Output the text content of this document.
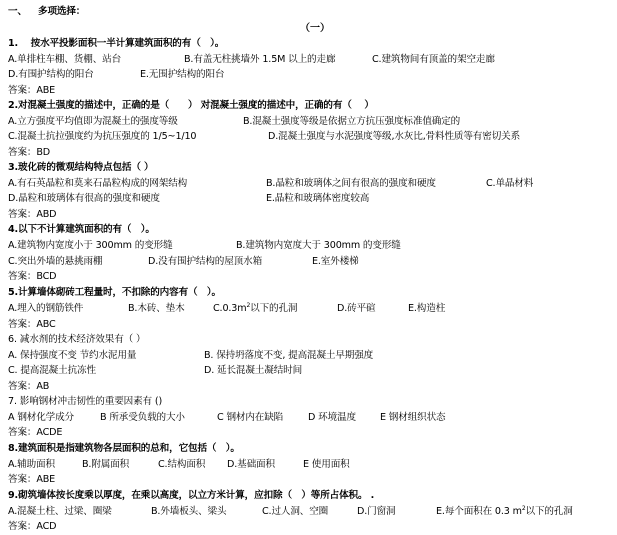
一、 多项选择：
（一）
1.　 按水平投影面积一半计算建筑面积的有（　）。
A.单排柱车棚、货棚、站台	B.有盖无柱挑墙外 1.5M 以上的走廊	C.建筑物间有顶盖的架空走廊
D.有围护结构的阳台	E.无围护结构的阳台
答案：ABE
2.对混凝土强度的描述中，正确的是（　　） 对混凝土强度的描述中，正确的有（　 ）
A.立方强度平均值即为混凝土的强度等级	B.混凝土强度等级是依据立方抗压强度标准值确定的
C.混凝土抗拉强度约为抗压强度的 1/5~1/10	D.混凝土强度与水泥强度等级,水灰比,骨料性质等有密切关系
答案：BD
3.玻化砖的微观结构特点包括（ ）
A.有石英晶粒和莫来石晶粒构成的网架结构	B.晶粒和玻璃体之间有很高的强度和硬度	C.单晶材料
D.晶粒和玻璃体有很高的强度和硬度	E.晶粒和玻璃体密度较高
答案：ABD
4.以下不计算建筑面积的有（　）。
A.建筑物内宽度小于 300mm 的变形缝	B.建筑物内宽度大于 300mm 的变形缝
C.突出外墙的悬挑雨棚	D.没有围护结构的屋顶水箱	E.室外楼梯
答案：BCD
5.计算墙体砌砖工程量时，不扣除的内容有（　）。
A.埋入的钢筋铁件	B.木砖、垫木	$C.0.3m^2$以下的孔洞	D.砖平碹	E.构造柱
答案：ABC
6. 减水剂的技术经济效果有（ ）
A. 保持强度不变 节约水泥用量	B. 保持坍落度不变, 提高混凝土早期强度
C. 提高混凝土抗冻性	D. 延长混凝土凝结时间
答案：AB
7. 影响钢材冲击韧性的重要因素有 ()
A 钢材化学成分	B 所承受负载的大小	C 钢材内在缺陷	D 环境温度	E 钢材组织状态
答案：ACDE
8.建筑面积是指建筑物各层面积的总和，它包括（　）。
A.辅助面积	B.附属面积	C.结构面积 D.基础面积	E 使用面积
答案：ABE
9.砌筑墙体按长度乘以厚度，在乘以高度，以立方米计算，应扣除（　）等所占体积。 .
A.混凝土柱、过梁、圈梁	B.外墙板头、梁头	C.过人洞、空圈	D.门窗洞	E.每个面积在 0.3 $m^2$以下的孔洞
答案：ACD
